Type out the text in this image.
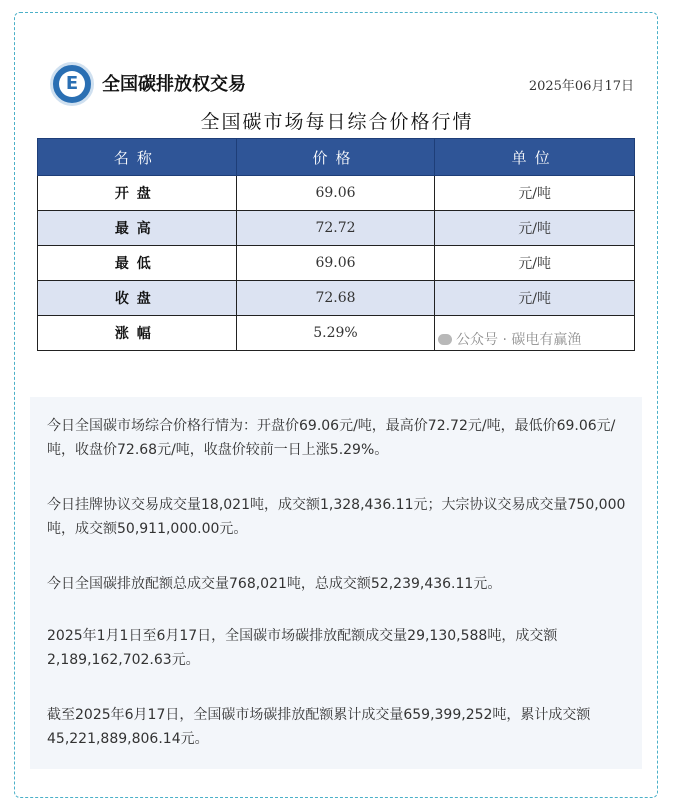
E	全国碳排放权交易	2025年06月17日
全国碳市场每日综合价格行情
名称	价格	单位
开盘	69.06	元/吨
最高	72.72	元/吨
最低	69.06	元/吨
收盘	72.68	元/吨
涨幅	5.29%		公众号 · 碳电有赢渔

今日全国碳市场综合价格行情为：开盘价69.06元/吨，最高价72.72元/吨，最低价69.06元/吨，收盘价72.68元/吨，收盘价较前一日上涨5.29%。

今日挂牌协议交易成交量18,021吨，成交额1,328,436.11元；大宗协议交易成交量750,000吨，成交额50,911,000.00元。

今日全国碳排放配额总成交量768,021吨，总成交额52,239,436.11元。

2025年1月1日至6月17日，全国碳市场碳排放配额成交量29,130,588吨，成交额2,189,162,702.63元。

截至2025年6月17日，全国碳市场碳排放配额累计成交量659,399,252吨，累计成交额45,221,889,806.14元。
